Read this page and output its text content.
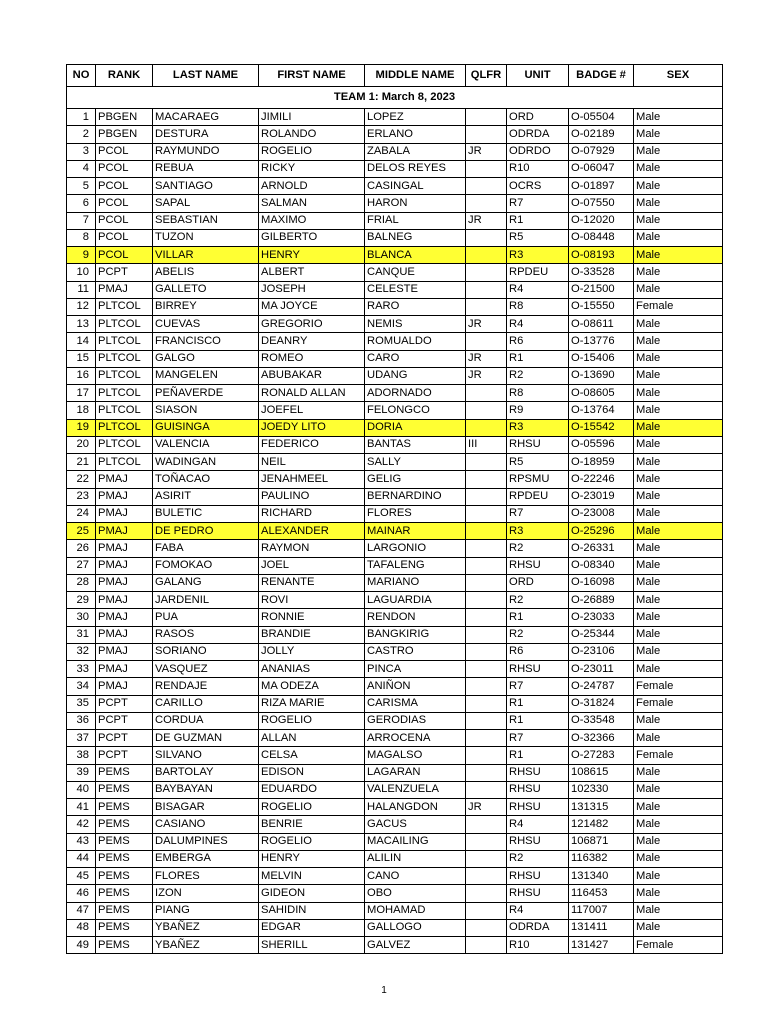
NO	RANK	LAST NAME	FIRST NAME	MIDDLE NAME	QLFR	UNIT	BADGE #	SEX
TEAM 1: March 8, 2023								
1	PBGEN	MACARAEG	JIMILI	LOPEZ		ORD	O-05504	Male
2	PBGEN	DESTURA	ROLANDO	ERLANO		ODRDA	O-02189	Male
3	PCOL	RAYMUNDO	ROGELIO	ZABALA	JR	ODRDO	O-07929	Male
4	PCOL	REBUA	RICKY	DELOS REYES		R10	O-06047	Male
5	PCOL	SANTIAGO	ARNOLD	CASINGAL		OCRS	O-01897	Male
6	PCOL	SAPAL	SALMAN	HARON		R7	O-07550	Male
7	PCOL	SEBASTIAN	MAXIMO	FRIAL	JR	R1	O-12020	Male
8	PCOL	TUZON	GILBERTO	BALNEG		R5	O-08448	Male
9	PCOL	VILLAR	HENRY	BLANCA		R3	O-08193	Male
10	PCPT	ABELIS	ALBERT	CANQUE		RPDEU	O-33528	Male
11	PMAJ	GALLETO	JOSEPH	CELESTE		R4	O-21500	Male
12	PLTCOL	BIRREY	MA JOYCE	RARO		R8	O-15550	Female
13	PLTCOL	CUEVAS	GREGORIO	NEMIS	JR	R4	O-08611	Male
14	PLTCOL	FRANCISCO	DEANRY	ROMUALDO		R6	O-13776	Male
15	PLTCOL	GALGO	ROMEO	CARO	JR	R1	O-15406	Male
16	PLTCOL	MANGELEN	ABUBAKAR	UDANG	JR	R2	O-13690	Male
17	PLTCOL	PEÑAVERDE	RONALD ALLAN	ADORNADO		R8	O-08605	Male
18	PLTCOL	SIASON	JOEFEL	FELONGCO		R9	O-13764	Male
19	PLTCOL	GUISINGA	JOEDY LITO	DORIA		R3	O-15542	Male
20	PLTCOL	VALENCIA	FEDERICO	BANTAS	III	RHSU	O-05596	Male
21	PLTCOL	WADINGAN	NEIL	SALLY		R5	O-18959	Male
22	PMAJ	TOÑACAO	JENAHMEEL	GELIG		RPSMU	O-22246	Male
23	PMAJ	ASIRIT	PAULINO	BERNARDINO		RPDEU	O-23019	Male
24	PMAJ	BULETIC	RICHARD	FLORES		R7	O-23008	Male
25	PMAJ	DE PEDRO	ALEXANDER	MAINAR		R3	O-25296	Male
26	PMAJ	FABA	RAYMON	LARGONIO		R2	O-26331	Male
27	PMAJ	FOMOKAO	JOEL	TAFALENG		RHSU	O-08340	Male
28	PMAJ	GALANG	RENANTE	MARIANO		ORD	O-16098	Male
29	PMAJ	JARDENIL	ROVI	LAGUARDIA		R2	O-26889	Male
30	PMAJ	PUA	RONNIE	RENDON		R1	O-23033	Male
31	PMAJ	RASOS	BRANDIE	BANGKIRIG		R2	O-25344	Male
32	PMAJ	SORIANO	JOLLY	CASTRO		R6	O-23106	Male
33	PMAJ	VASQUEZ	ANANIAS	PINCA		RHSU	O-23011	Male
34	PMAJ	RENDAJE	MA ODEZA	ANIÑON		R7	O-24787	Female
35	PCPT	CARILLO	RIZA MARIE	CARISMA		R1	O-31824	Female
36	PCPT	CORDUA	ROGELIO	GERODIAS		R1	O-33548	Male
37	PCPT	DE GUZMAN	ALLAN	ARROCENA		R7	O-32366	Male
38	PCPT	SILVANO	CELSA	MAGALSO		R1	O-27283	Female
39	PEMS	BARTOLAY	EDISON	LAGARAN		RHSU	108615	Male
40	PEMS	BAYBAYAN	EDUARDO	VALENZUELA		RHSU	102330	Male
41	PEMS	BISAGAR	ROGELIO	HALANGDON	JR	RHSU	131315	Male
42	PEMS	CASIANO	BENRIE	GACUS		R4	121482	Male
43	PEMS	DALUMPINES	ROGELIO	MACAILING		RHSU	106871	Male
44	PEMS	EMBERGA	HENRY	ALILIN		R2	116382	Male
45	PEMS	FLORES	MELVIN	CANO		RHSU	131340	Male
46	PEMS	IZON	GIDEON	OBO		RHSU	116453	Male
47	PEMS	PIANG	SAHIDIN	MOHAMAD		R4	117007	Male
48	PEMS	YBAÑEZ	EDGAR	GALLOGO		ODRDA	131411	Male
49	PEMS	YBAÑEZ	SHERILL	GALVEZ		R10	131427	Female
1
